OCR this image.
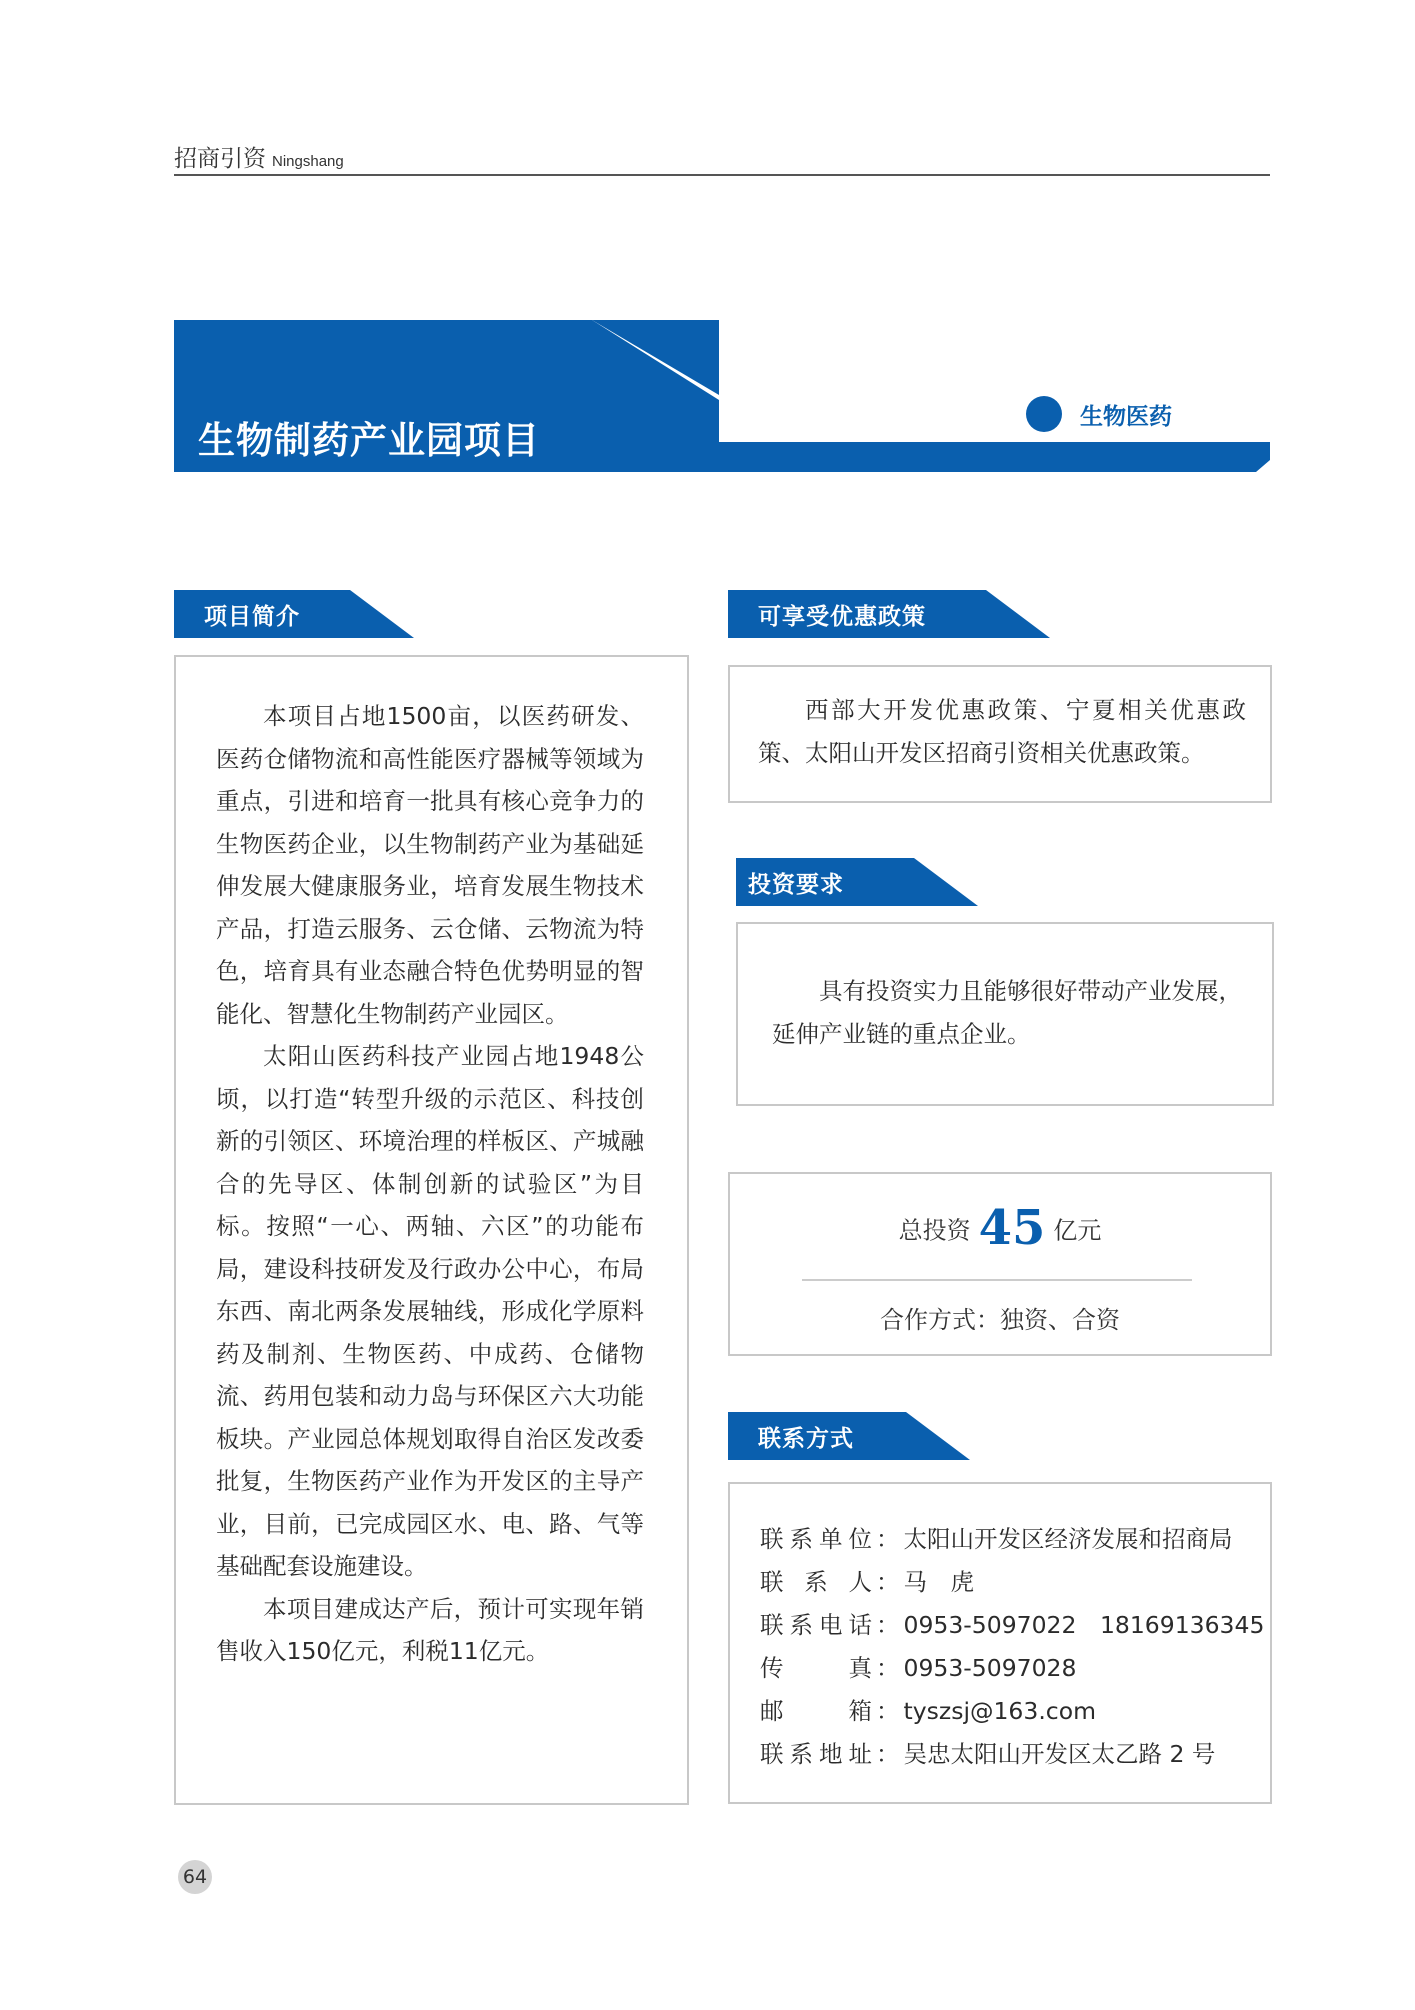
招商引资 Ningshang
生物制药产业园项目
生物医药
项目简介

本项目占地1500亩，以医药研发、医药仓储物流和高性能医疗器械等领域为重点，引进和培育一批具有核心竞争力的生物医药企业，以生物制药产业为基础延伸发展大健康服务业，培育发展生物技术产品，打造云服务、云仓储、云物流为特色，培育具有业态融合特色优势明显的智能化、智慧化生物制药产业园区。

太阳山医药科技产业园占地1948公顷，以打造“转型升级的示范区、科技创新的引领区、环境治理的样板区、产城融合的先导区、体制创新的试验区”为目标。按照“一心、两轴、六区”的功能布局，建设科技研发及行政办公中心，布局东西、南北两条发展轴线，形成化学原料药及制剂、生物医药、中成药、仓储物流、药用包装和动力岛与环保区六大功能板块。产业园总体规划取得自治区发改委批复，生物医药产业作为开发区的主导产业，目前，已完成园区水、电、路、气等基础配套设施建设。

本项目建成达产后，预计可实现年销售收入150亿元，利税11亿元。

可享受优惠政策

西部大开发优惠政策、宁夏相关优惠政策、太阳山开发区招商引资相关优惠政策。

投资要求

具有投资实力且能够很好带动产业发展，延伸产业链的重点企业。

总投资 45 亿元
合作方式：独资、合资
联系方式
联系单位 ： 太阳山开发区经济发展和招商局
联 系 人 ： 马　虎
联系电话 ： 0953-5097022　18169136345
传　　真 ： 0953-5097028
邮　　箱 ： tyszsj@163.com
联系地址 ： 吴忠太阳山开发区太乙路 2 号
64
